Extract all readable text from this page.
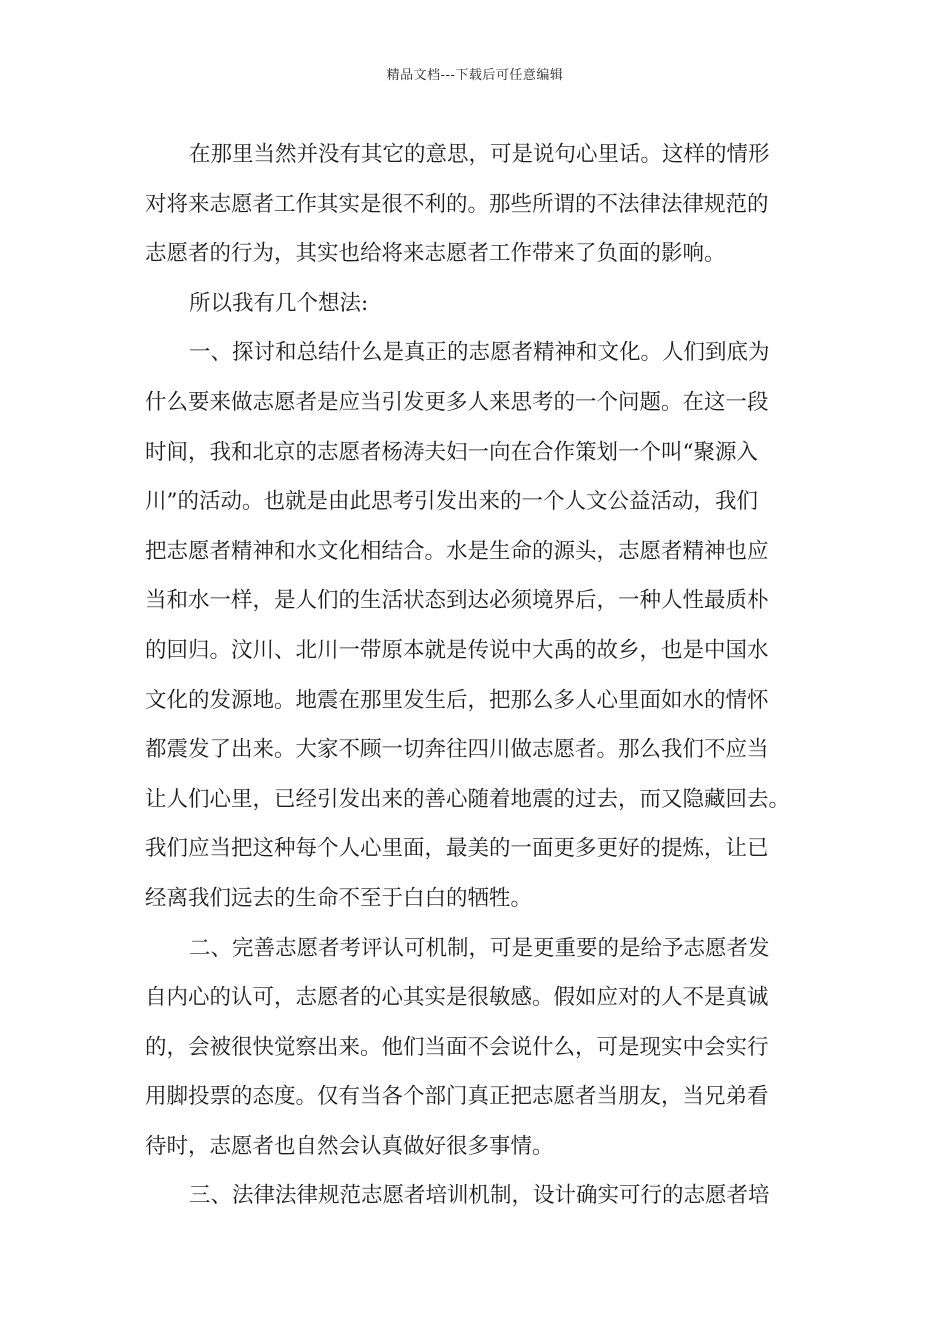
精品文档---下载后可任意编辑
在那里当然并没有其它的意思，可是说句心里话。这样的情形
对将来志愿者工作其实是很不利的。那些所谓的不法律法律规范的
志愿者的行为，其实也给将来志愿者工作带来了负面的影响。
所以我有几个想法:
一、探讨和总结什么是真正的志愿者精神和文化。人们到底为
什么要来做志愿者是应当引发更多人来思考的一个问题。在这一段
时间，我和北京的志愿者杨涛夫妇一向在合作策划一个叫“聚源入
川”的活动。也就是由此思考引发出来的一个人文公益活动，我们
把志愿者精神和水文化相结合。水是生命的源头，志愿者精神也应
当和水一样，是人们的生活状态到达必须境界后，一种人性最质朴
的回归。汶川、北川一带原本就是传说中大禹的故乡，也是中国水
文化的发源地。地震在那里发生后，把那么多人心里面如水的情怀
都震发了出来。大家不顾一切奔往四川做志愿者。那么我们不应当
让人们心里，已经引发出来的善心随着地震的过去，而又隐藏回去。
我们应当把这种每个人心里面，最美的一面更多更好的提炼，让已
经离我们远去的生命不至于白白的牺牲。
二、完善志愿者考评认可机制，可是更重要的是给予志愿者发
自内心的认可，志愿者的心其实是很敏感。假如应对的人不是真诚
的，会被很快觉察出来。他们当面不会说什么，可是现实中会实行
用脚投票的态度。仅有当各个部门真正把志愿者当朋友，当兄弟看
待时，志愿者也自然会认真做好很多事情。
三、法律法律规范志愿者培训机制，设计确实可行的志愿者培
